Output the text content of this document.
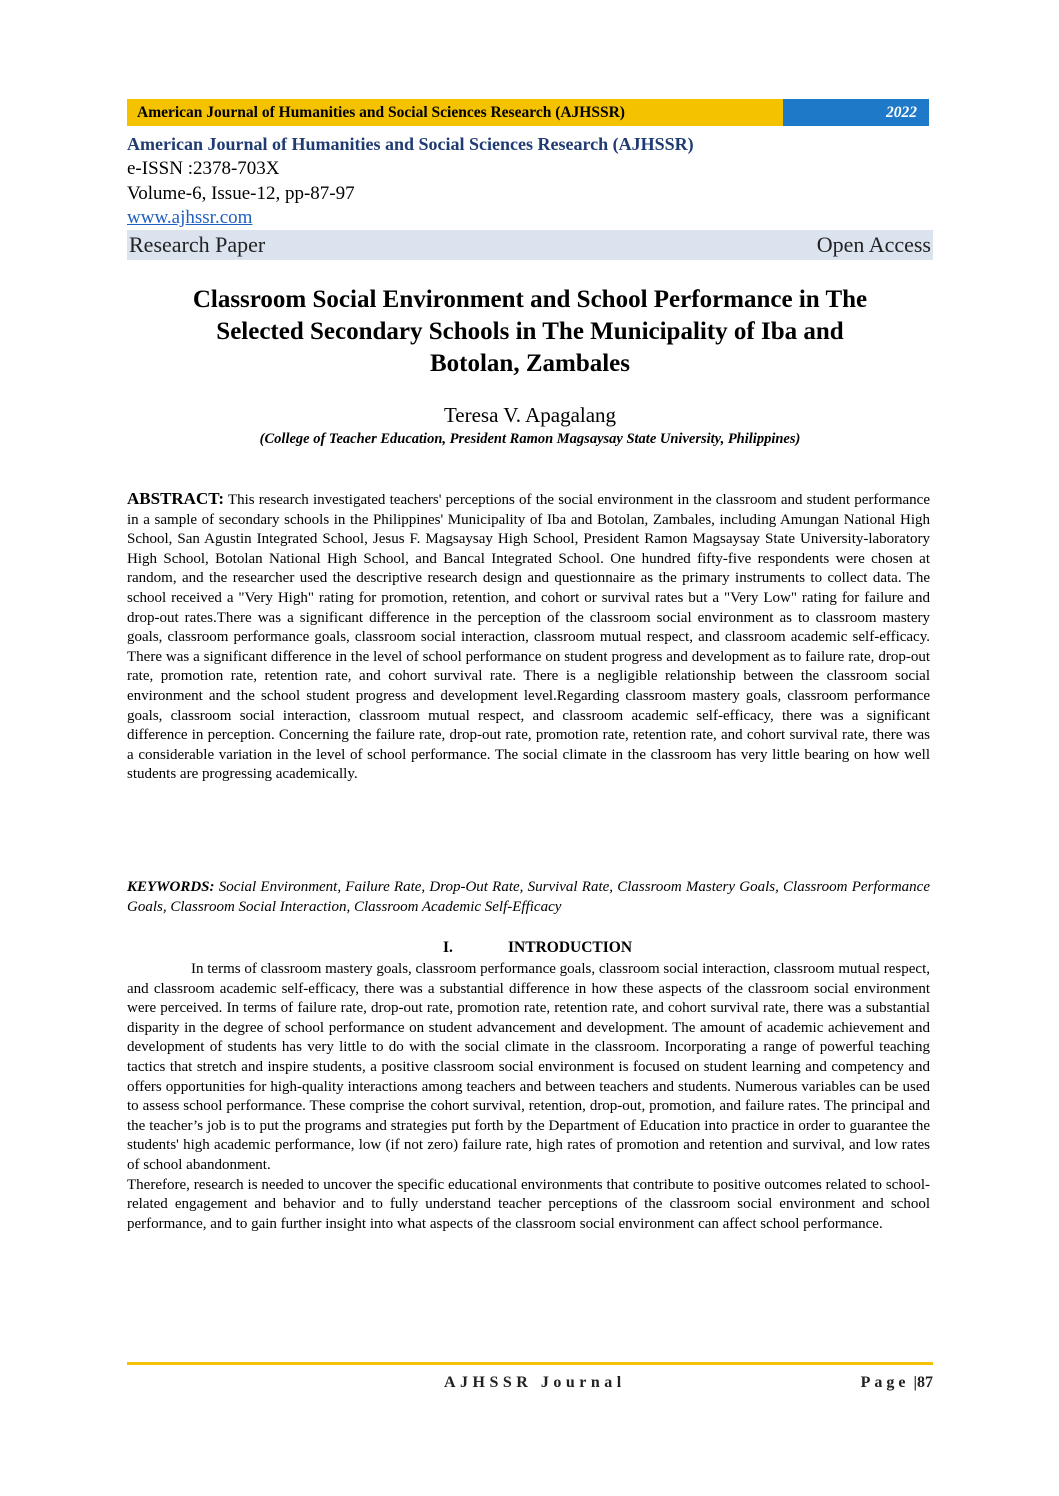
American Journal of Humanities and Social Sciences Research (AJHSSR)	2022
American Journal of Humanities and Social Sciences Research (AJHSSR)
e-ISSN :2378-703X
Volume-6, Issue-12, pp-87-97
www.ajhssr.com
Research Paper	Open Access
Classroom Social Environment and School Performance in The
Selected Secondary Schools in The Municipality of Iba and
Botolan, Zambales
Teresa V. Apagalang
(College of Teacher Education, President Ramon Magsaysay State University, Philippines)
ABSTRACT: This research investigated teachers' perceptions of the social environment in the classroom and student performance in a sample of secondary schools in the Philippines' Municipality of Iba and Botolan, Zambales, including Amungan National High School, San Agustin Integrated School, Jesus F. Magsaysay High School, President Ramon Magsaysay State University-laboratory High School, Botolan National High School, and Bancal Integrated School. One hundred fifty-five respondents were chosen at random, and the researcher used the descriptive research design and questionnaire as the primary instruments to collect data. The school received a "Very High" rating for promotion, retention, and cohort or survival rates but a "Very Low" rating for failure and drop-out rates.There was a significant difference in the perception of the classroom social environment as to classroom mastery goals, classroom performance goals, classroom social interaction, classroom mutual respect, and classroom academic self-efficacy. There was a significant difference in the level of school performance on student progress and development as to failure rate, drop-out rate, promotion rate, retention rate, and cohort survival rate. There is a negligible relationship between the classroom social environment and the school student progress and development level.Regarding classroom mastery goals, classroom performance goals, classroom social interaction, classroom mutual respect, and classroom academic self-efficacy, there was a significant difference in perception. Concerning the failure rate, drop-out rate, promotion rate, retention rate, and cohort survival rate, there was a considerable variation in the level of school performance. The social climate in the classroom has very little bearing on how well students are progressing academically.
KEYWORDS: Social Environment, Failure Rate, Drop-Out Rate, Survival Rate, Classroom Mastery Goals, Classroom Performance Goals, Classroom Social Interaction, Classroom Academic Self-Efficacy
I.	INTRODUCTION

In terms of classroom mastery goals, classroom performance goals, classroom social interaction, classroom mutual respect, and classroom academic self-efficacy, there was a substantial difference in how these aspects of the classroom social environment were perceived. In terms of failure rate, drop-out rate, promotion rate, retention rate, and cohort survival rate, there was a substantial disparity in the degree of school performance on student advancement and development. The amount of academic achievement and development of students has very little to do with the social climate in the classroom. Incorporating a range of powerful teaching tactics that stretch and inspire students, a positive classroom social environment is focused on student learning and competency and offers opportunities for high-quality interactions among teachers and between teachers and students. Numerous variables can be used to assess school performance. These comprise the cohort survival, retention, drop-out, promotion, and failure rates. The principal and the teacher’s job is to put the programs and strategies put forth by the Department of Education into practice in order to guarantee the students' high academic performance, low (if not zero) failure rate, high rates of promotion and retention and survival, and low rates of school abandonment.

Therefore, research is needed to uncover the specific educational environments that contribute to positive outcomes related to school-related engagement and behavior and to fully understand teacher perceptions of the classroom social environment and school performance, and to gain further insight into what aspects of the classroom social environment can affect school performance.

AJHSSR Journal	Page |87
